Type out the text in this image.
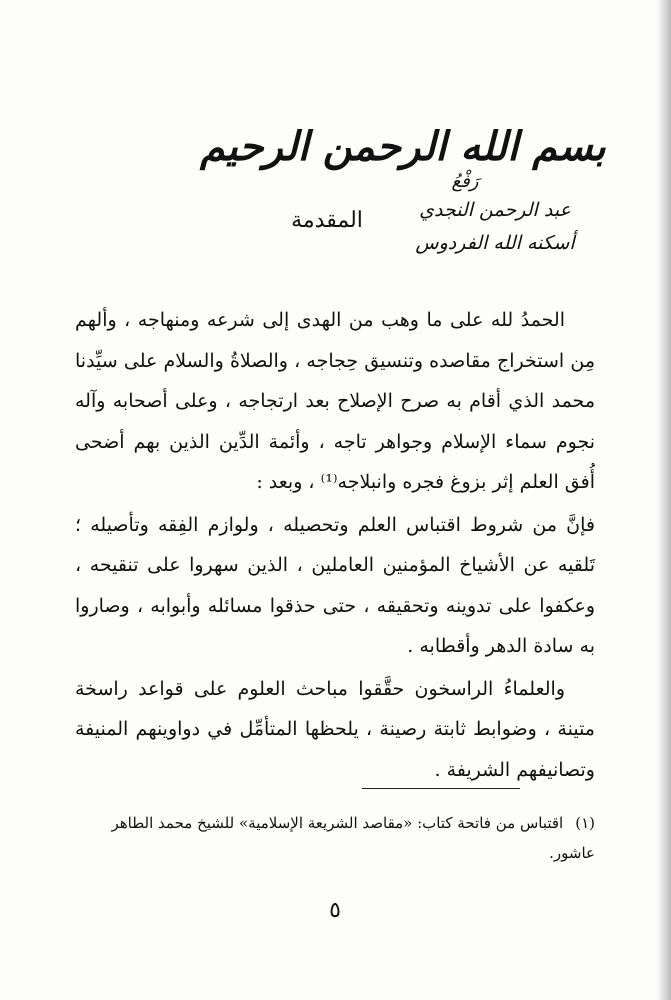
بسم الله الرحمن الرحيم
رَفْعُ
عبد الرحمن النجدي
أسكنه الله الفردوس
المقدمة

الحمدُ لله على ما وهب من الهدى إلى شرعه ومنهاجه ، وألهم مِن استخراج مقاصده وتنسيق حِجاجه ، والصلاةُ والسلام على سيِّدنا محمد الذي أقام به صرح الإصلاح بعد ارتجاجه ، وعلى أصحابه وآله نجوم سماء الإسلام وجواهر تاجه ، وأئمة الدِّين الذين بهم أضحى أُفق العلم إثر بزوغ فجره وانبلاجه⁽¹⁾ ، وبعد :

فإنَّ من شروط اقتباس العلم وتحصيله ، ولوازم الفِقه وتأصيله ؛ تَلقيه عن الأشياخ المؤمنين العاملين ، الذين سهروا على تنقيحه ، وعكفوا على تدوينه وتحقيقه ، حتى حذقوا مسائله وأبوابه ، وصاروا به سادة الدهر وأقطابه .

والعلماءُ الراسخون حقَّقوا مباحث العلوم على قواعد راسخة متينة ، وضوابط ثابتة رصينة ، يلحظها المتأمِّل في دواوينهم المنيفة وتصانيفهم الشريفة .

(١)اقتباس من فاتحة كتاب: «مقاصد الشريعة الإسلامية» للشيخ محمد الطاهر عاشور.
٥
